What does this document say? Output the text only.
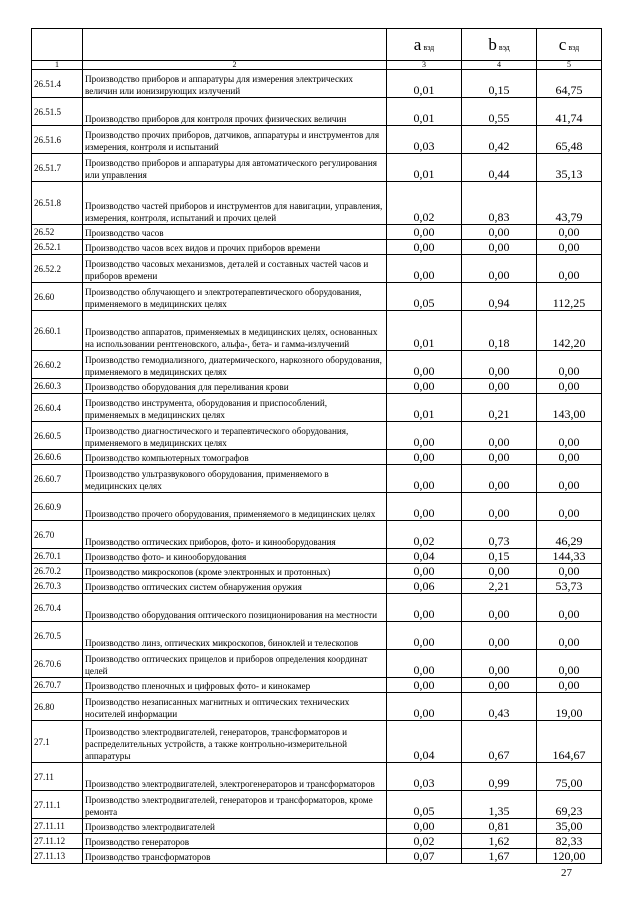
		a вэд	b вэд	c вэд
1	2	3	4	5
26.51.4	Производство приборов и аппаратуры для измерения электрических величин или ионизирующих излучений	0,01	0,15	64,75
26.51.5	Производство приборов для контроля прочих физических величин	0,01	0,55	41,74
26.51.6	Производство прочих приборов, датчиков, аппаратуры и инструментов для измерения, контроля и испытаний	0,03	0,42	65,48
26.51.7	Производство приборов и аппаратуры для автоматического регулирования или управления	0,01	0,44	35,13
26.51.8	Производство частей приборов и инструментов для навигации, управления, измерения, контроля, испытаний и прочих целей	0,02	0,83	43,79
26.52	Производство часов	0,00	0,00	0,00
26.52.1	Производство часов всех видов и прочих приборов времени	0,00	0,00	0,00
26.52.2	Производство часовых механизмов, деталей и составных частей часов и приборов времени	0,00	0,00	0,00
26.60	Производство облучающего и электротерапевтического оборудования, применяемого в медицинских целях	0,05	0,94	112,25
26.60.1	Производство аппаратов, применяемых в медицинских целях, основанных на использовании рентгеновского, альфа-, бета- и гамма-излучений	0,01	0,18	142,20
26.60.2	Производство гемодиализного, диатермического, наркозного оборудования, применяемого в медицинских целях	0,00	0,00	0,00
26.60.3	Производство оборудования для переливания крови	0,00	0,00	0,00
26.60.4	Производство инструмента, оборудования и приспособлений, применяемых в медицинских целях	0,01	0,21	143,00
26.60.5	Производство диагностического и терапевтического оборудования, применяемого в медицинских целях	0,00	0,00	0,00
26.60.6	Производство компьютерных томографов	0,00	0,00	0,00
26.60.7	Производство ультразвукового оборудования, применяемого в медицинских целях	0,00	0,00	0,00
26.60.9	Производство прочего оборудования, применяемого в медицинских целях	0,00	0,00	0,00
26.70	Производство оптических приборов, фото- и кинооборудования	0,02	0,73	46,29
26.70.1	Производство фото- и кинооборудования	0,04	0,15	144,33
26.70.2	Производство микроскопов (кроме электронных и протонных)	0,00	0,00	0,00
26.70.3	Производство оптических систем обнаружения оружия	0,06	2,21	53,73
26.70.4	Производство оборудования оптического позиционирования на местности	0,00	0,00	0,00
26.70.5	Производство линз, оптических микроскопов, биноклей и телескопов	0,00	0,00	0,00
26.70.6	Производство оптических прицелов и приборов определения координат целей	0,00	0,00	0,00
26.70.7	Производство пленочных и цифровых фото- и кинокамер	0,00	0,00	0,00
26.80	Производство незаписанных магнитных и оптических технических носителей информации	0,00	0,43	19,00
27.1	Производство электродвигателей, генераторов, трансформаторов и распределительных устройств, а также контрольно-измерительной аппаратуры	0,04	0,67	164,67
27.11	Производство электродвигателей, электрогенераторов и трансформаторов	0,03	0,99	75,00
27.11.1	Производство электродвигателей, генераторов и трансформаторов, кроме ремонта	0,05	1,35	69,23
27.11.11	Производство электродвигателей	0,00	0,81	35,00
27.11.12	Производство генераторов	0,02	1,62	82,33
27.11.13	Производство трансформаторов	0,07	1,67	120,00
27
